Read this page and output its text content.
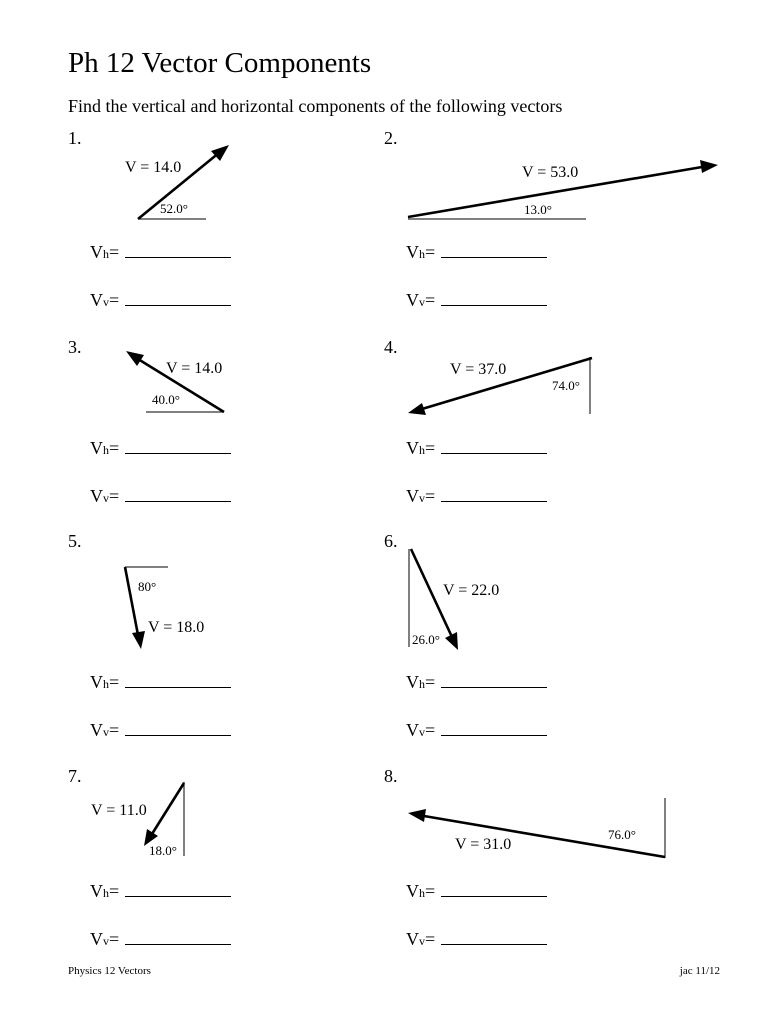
Ph 12 Vector Components

Find the vertical and horizontal components of the following vectors

1.
V = 14.0
52.0°
V h =
V v =
2.
V = 53.0
13.0°
V h =
V v =
3.
V = 14.0
40.0°
V h =
V v =
4.
V = 37.0
74.0°
V h =
V v =
5.
80°
V = 18.0
V h =
V v =
6.
V = 22.0
26.0°
V h =
V v =
7.
V = 11.0
18.0°
V h =
V v =
8.
V = 31.0
76.0°
V h =
V v =
Physics 12 Vectors	jac 11/12
